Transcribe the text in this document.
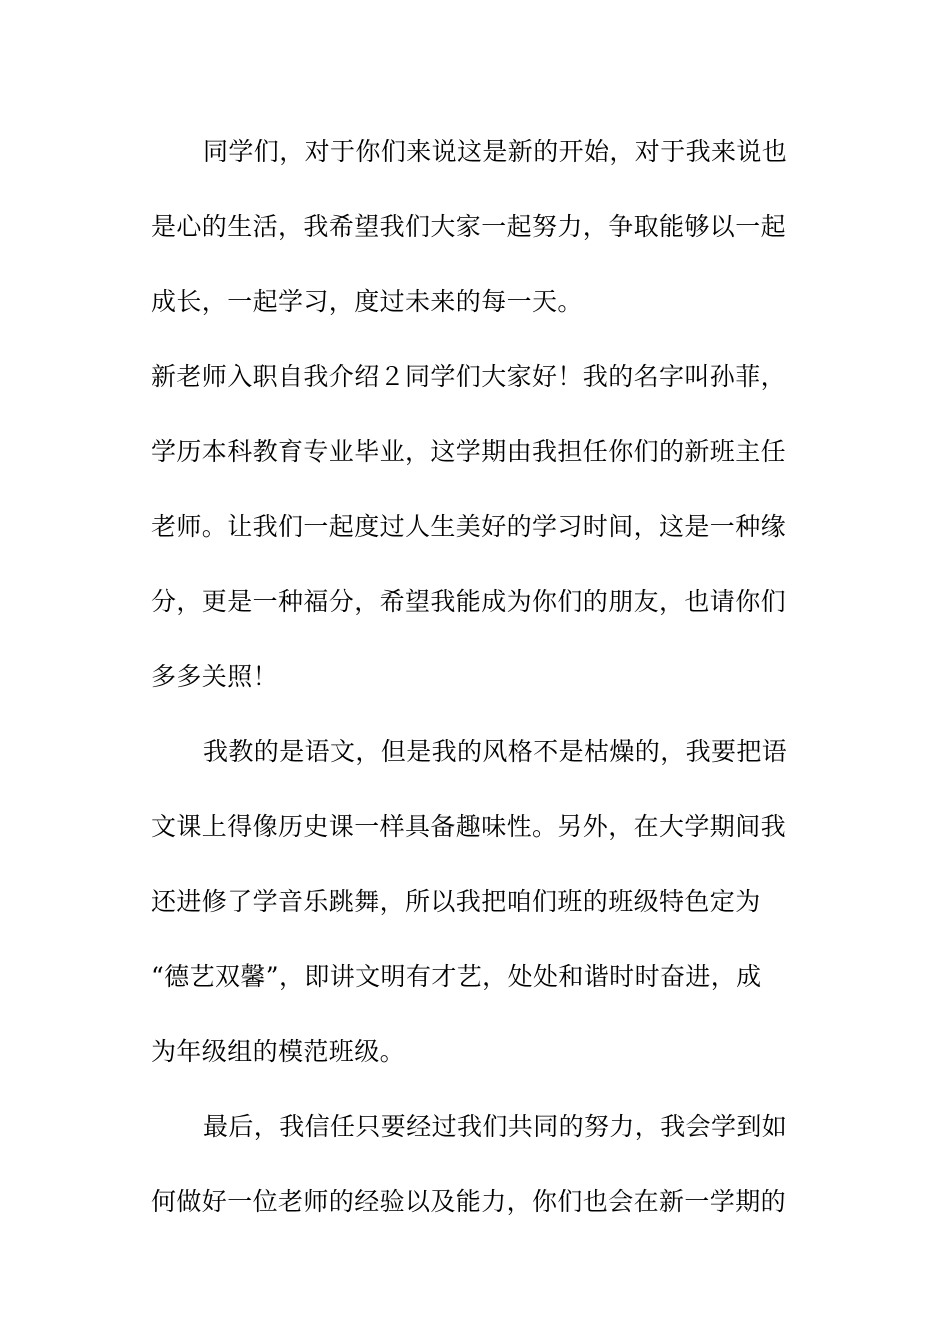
同学们，对于你们来说这是新的开始，对于我来说也
是心的生活，我希望我们大家一起努力，争取能够以一起
成长，一起学习，度过未来的每一天。
新老师入职自我介绍２同学们大家好！我的名字叫孙菲，
学历本科教育专业毕业，这学期由我担任你们的新班主任
老师。让我们一起度过人生美好的学习时间，这是一种缘
分，更是一种福分，希望我能成为你们的朋友，也请你们
多多关照！
我教的是语文，但是我的风格不是枯燥的，我要把语
文课上得像历史课一样具备趣味性。另外，在大学期间我
还进修了学音乐跳舞，所以我把咱们班的班级特色定为
“德艺双馨”，即讲文明有才艺，处处和谐时时奋进，成
为年级组的模范班级。
最后，我信任只要经过我们共同的努力，我会学到如
何做好一位老师的经验以及能力，你们也会在新一学期的
